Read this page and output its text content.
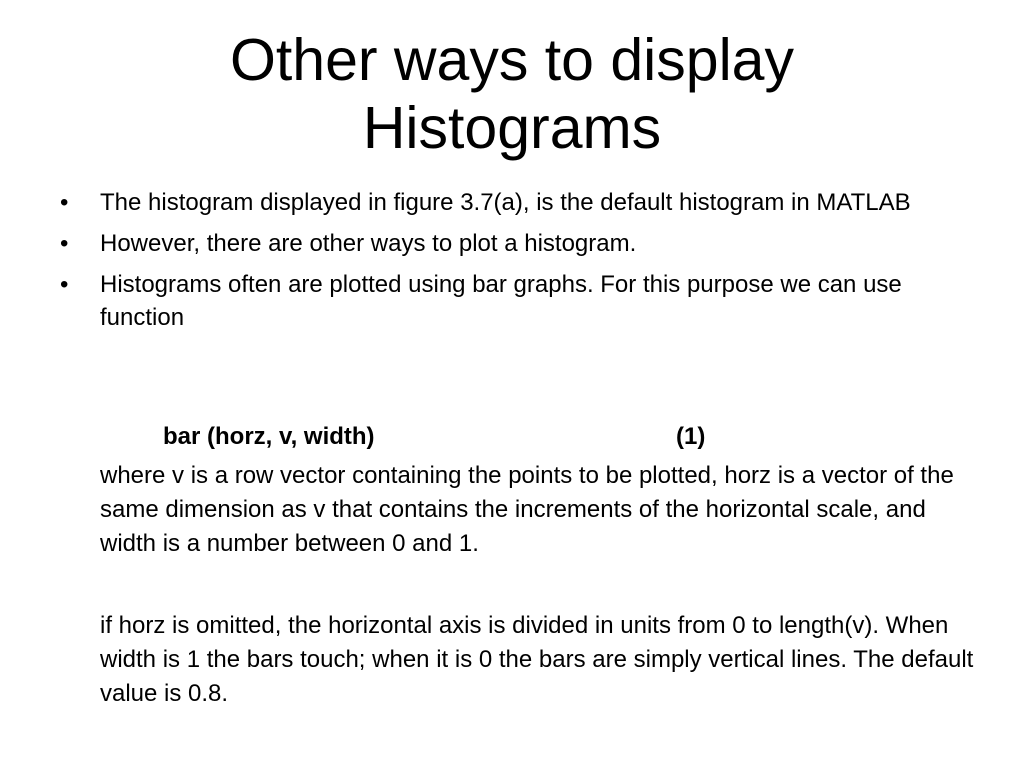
Other ways to display
Histograms
• The histogram displayed in figure 3.7(a), is the default histogram in MATLAB
• However, there are other ways to plot a histogram.
• Histograms often are plotted using bar graphs. For this purpose we can use function
bar (horz, v, width)	(1)

where v is a row vector containing the points to be plotted, horz is a vector of the same dimension as v that contains the increments of the horizontal scale, and width is a number between 0 and 1.

if horz is omitted, the horizontal axis is divided in units from 0 to length(v). When width is 1 the bars touch; when it is 0 the bars are simply vertical lines. The default value is 0.8.
